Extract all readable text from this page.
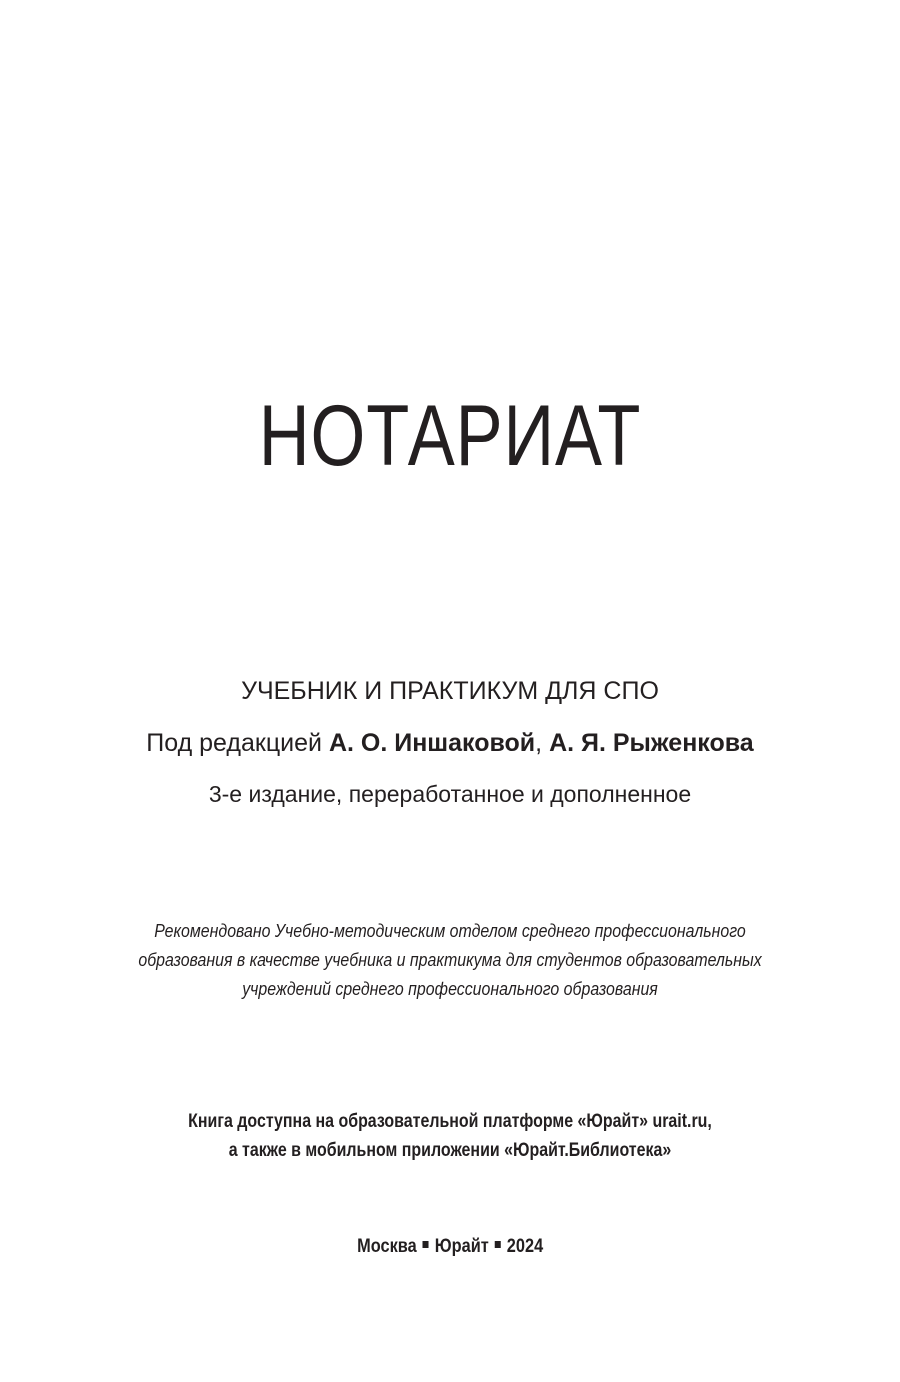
НОТАРИАТ
УЧЕБНИК И ПРАКТИКУМ ДЛЯ СПО
Под редакцией А. О. Иншаковой, А. Я. Рыженкова
3-е издание, переработанное и дополненное
Рекомендовано Учебно-методическим отделом среднего профессионального
образования в качестве учебника и практикума для студентов образовательных
учреждений среднего профессионального образования
Книга доступна на образовательной платформе «Юрайт» urait.ru,
а также в мобильном приложении «Юрайт.Библиотека»
Москва Юрайт 2024
